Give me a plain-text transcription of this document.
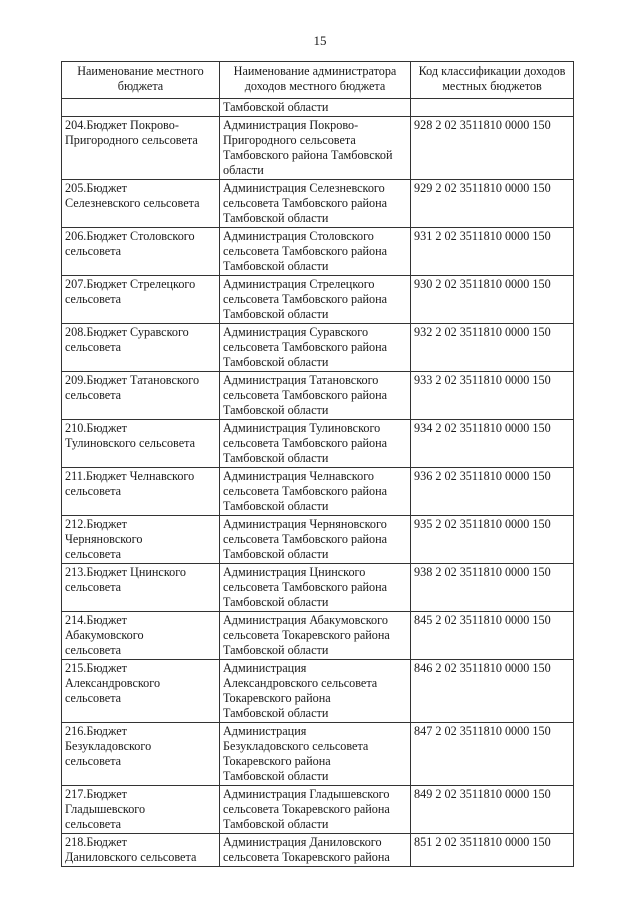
15
Наименование местного бюджета	Наименование администратора доходов местного бюджета	Код классификации доходов местных бюджетов

	Тамбовской области	

204.Бюджет Покрово-
Пригородного сельсовета	Администрация Покрово-
Пригородного сельсовета
Тамбовского района Тамбовской
области	928 2 02 3511810 0000 150

205.Бюджет
Селезневского сельсовета	Администрация Селезневского
сельсовета Тамбовского района
Тамбовской области	929 2 02 3511810 0000 150

206.Бюджет Столовского
сельсовета	Администрация Столовского
сельсовета Тамбовского района
Тамбовской области	931 2 02 3511810 0000 150

207.Бюджет Стрелецкого
сельсовета	Администрация Стрелецкого
сельсовета Тамбовского района
Тамбовской области	930 2 02 3511810 0000 150

208.Бюджет Суравского
сельсовета	Администрация Суравского
сельсовета Тамбовского района
Тамбовской области	932 2 02 3511810 0000 150

209.Бюджет Татановского
сельсовета	Администрация Татановского
сельсовета Тамбовского района
Тамбовской области	933 2 02 3511810 0000 150

210.Бюджет
Тулиновского сельсовета	Администрация Тулиновского
сельсовета Тамбовского района
Тамбовской области	934 2 02 3511810 0000 150

211.Бюджет Челнавского
сельсовета	Администрация Челнавского
сельсовета Тамбовского района
Тамбовской области	936 2 02 3511810 0000 150

212.Бюджет
Черняновского
сельсовета	Администрация Черняновского
сельсовета Тамбовского района
Тамбовской области	935 2 02 3511810 0000 150

213.Бюджет Цнинского
сельсовета	Администрация Цнинского
сельсовета Тамбовского района
Тамбовской области	938 2 02 3511810 0000 150

214.Бюджет
Абакумовского
сельсовета	Администрация Абакумовского
сельсовета Токаревского района
Тамбовской области	845 2 02 3511810 0000 150

215.Бюджет
Александровского
сельсовета	Администрация
Александровского сельсовета
Токаревского района
Тамбовской области	846 2 02 3511810 0000 150

216.Бюджет
Безукладовского
сельсовета	Администрация
Безукладовского сельсовета
Токаревского района
Тамбовской области	847 2 02 3511810 0000 150

217.Бюджет
Гладышевского
сельсовета	Администрация Гладышевского
сельсовета Токаревского района
Тамбовской области	849 2 02 3511810 0000 150

218.Бюджет
Даниловского сельсовета	Администрация Даниловского
сельсовета Токаревского района	851 2 02 3511810 0000 150
